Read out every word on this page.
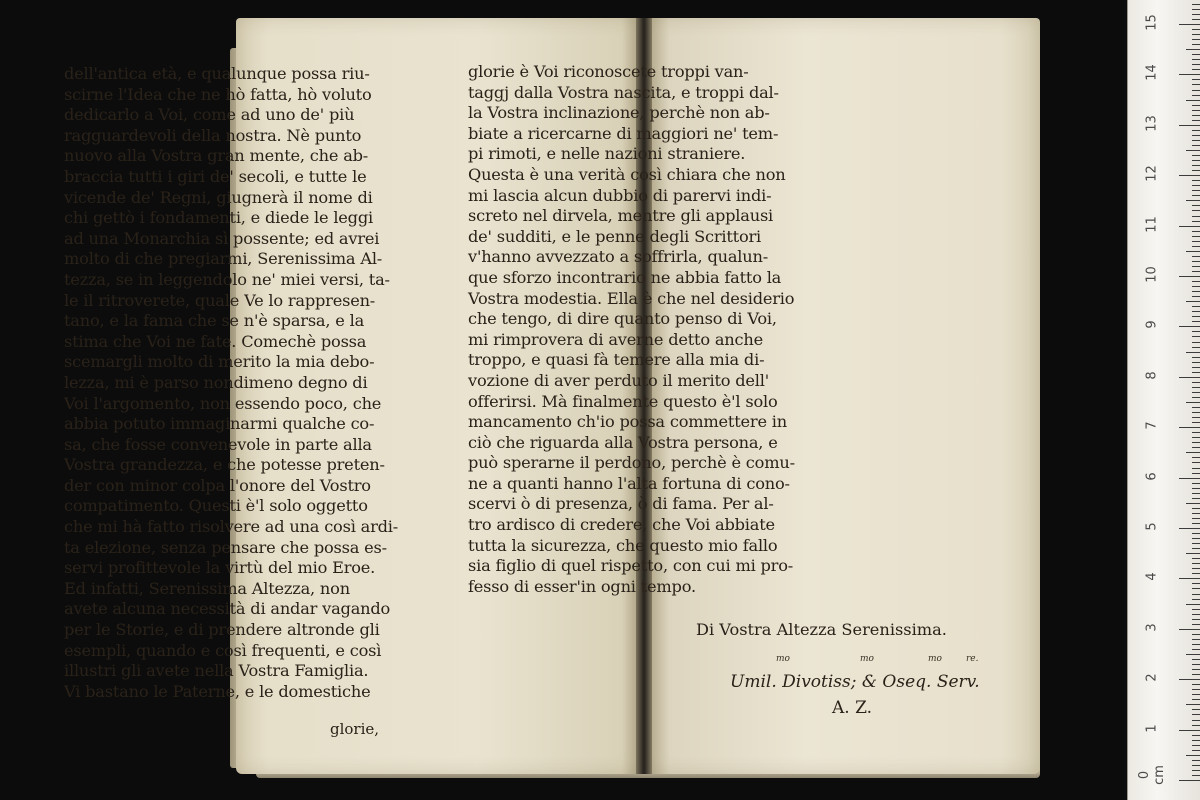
dell'antica età, e qualunque possa riu-
scirne l'Idea che ne hò fatta, hò voluto
dedicarlo a Voi, come ad uno de' più
ragguardevoli della nostra. Nè punto
nuovo alla Vostra gran mente, che ab-
braccia tutti i giri de' secoli, e tutte le
vicende de' Regni, giugnerà il nome di
chi gettò i fondamenti, e diede le leggi
ad una Monarchia sì possente; ed avrei
molto di che pregiarmi, Serenissima Al-
tezza, se in leggendolo ne' miei versi, ta-
le il ritroverete, quale Ve lo rappresen-
tano, e la fama che se n'è sparsa, e la
stima che Voi ne fate. Comechè possa
scemargli molto di merito la mia debo-
lezza, mi è parso nondimeno degno di
Voi l'argomento, non essendo poco, che
abbia potuto immaginarmi qualche co-
sa, che fosse convenevole in parte alla
Vostra grandezza, e che potesse preten-
der con minor colpa l'onore del Vostro
compatimento. Questi è'l solo oggetto
che mi hà fatto risolvere ad una così ardi-
ta elezione, senza pensare che possa es-
servi profittevole la virtù del mio Eroe.
Ed infatti, Serenissima Altezza, non
avete alcuna necessità di andar vagando
per le Storie, e di prendere altronde gli
esempli, quando e così frequenti, e così
illustri gli avete nella Vostra Famiglia.
Vi bastano le Paterne, e le domestiche
glorie,
glorie è Voi riconoscete troppi van-
taggj dalla Vostra nascita, e troppi dal-
la Vostra inclinazione, perchè non ab-
biate a ricercarne di maggiori ne' tem-
pi rimoti, e nelle nazioni straniere.
Questa è una verità così chiara che non
mi lascia alcun dubbio di parervi indi-
screto nel dirvela, mentre gli applausi
de' sudditi, e le penne degli Scrittori
v'hanno avvezzato a soffrirla, qualun-
que sforzo incontrario ne abbia fatto la
Vostra modestia. Ella è che nel desiderio
che tengo, di dire quanto penso di Voi,
mi rimprovera di averne detto anche
troppo, e quasi fà temere alla mia di-
vozione di aver perduto il merito dell'
offerirsi. Mà finalmente questo è'l solo
mancamento ch'io possa commettere in
ciò che riguarda alla Vostra persona, e
può sperarne il perdono, perchè è comu-
ne a quanti hanno l'alta fortuna di cono-
scervi ò di presenza, ò di fama. Per al-
tro ardisco di credere, che Voi abbiate
tutta la sicurezza, che questo mio fallo
sia figlio di quel rispetto, con cui mi pro-
fesso di esser'in ogni tempo.
Di Vostra Altezza Serenissima.
mo	mo	mo	re.
Umil. Divotiss; & Oseq. Serv.
A. Z.
0 cm
1
2
3
4
5
6
7
8
9
10
11
12
13
14
15
